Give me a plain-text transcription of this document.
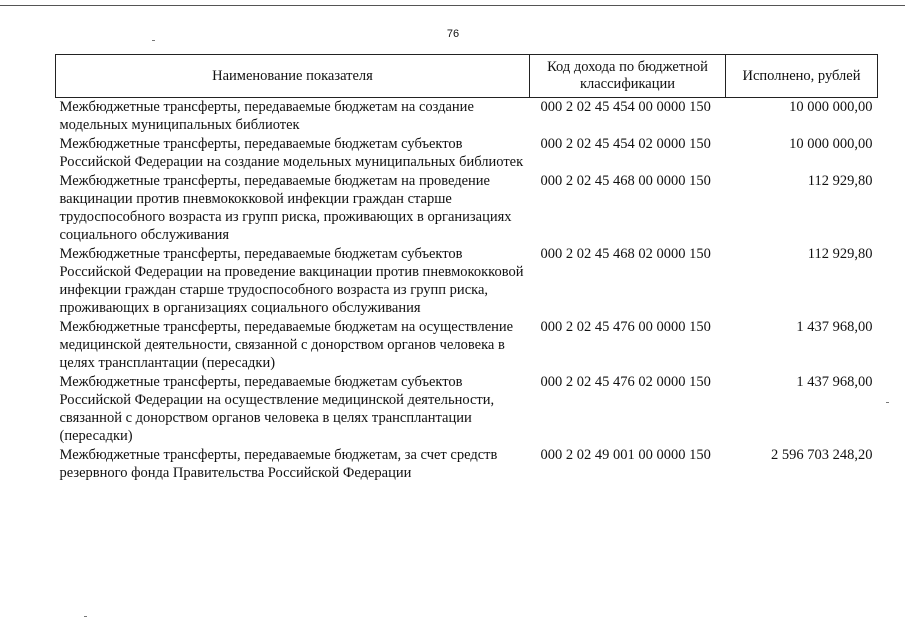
76
Наименование показателя	Код дохода по бюджетной классификации	Исполнено, рублей
Межбюджетные трансферты, передаваемые бюджетам на создание модельных муниципальных библиотек	000 2 02 45 454 00 0000 150	10 000 000,00
Межбюджетные трансферты, передаваемые бюджетам субъектов Российской Федерации на создание модельных муниципальных библиотек	000 2 02 45 454 02 0000 150	10 000 000,00
Межбюджетные трансферты, передаваемые бюджетам на проведение вакцинации против пневмококковой инфекции граждан старше трудоспособного возраста из групп риска, проживающих в организациях социального обслуживания	000 2 02 45 468 00 0000 150	112 929,80
Межбюджетные трансферты, передаваемые бюджетам субъектов Российской Федерации на проведение вакцинации против пневмококковой инфекции граждан старше трудоспособного возраста из групп риска, проживающих в организациях социального обслуживания	000 2 02 45 468 02 0000 150	112 929,80
Межбюджетные трансферты, передаваемые бюджетам на осуществление медицинской деятельности, связанной с донорством органов человека в целях трансплантации (пересадки)	000 2 02 45 476 00 0000 150	1 437 968,00
Межбюджетные трансферты, передаваемые бюджетам субъектов Российской Федерации на осуществление медицинской деятельности, связанной с донорством органов человека в целях трансплантации (пересадки)	000 2 02 45 476 02 0000 150	1 437 968,00
Межбюджетные трансферты, передаваемые бюджетам, за счет средств резервного фонда Правительства Российской Федерации	000 2 02 49 001 00 0000 150	2 596 703 248,20
